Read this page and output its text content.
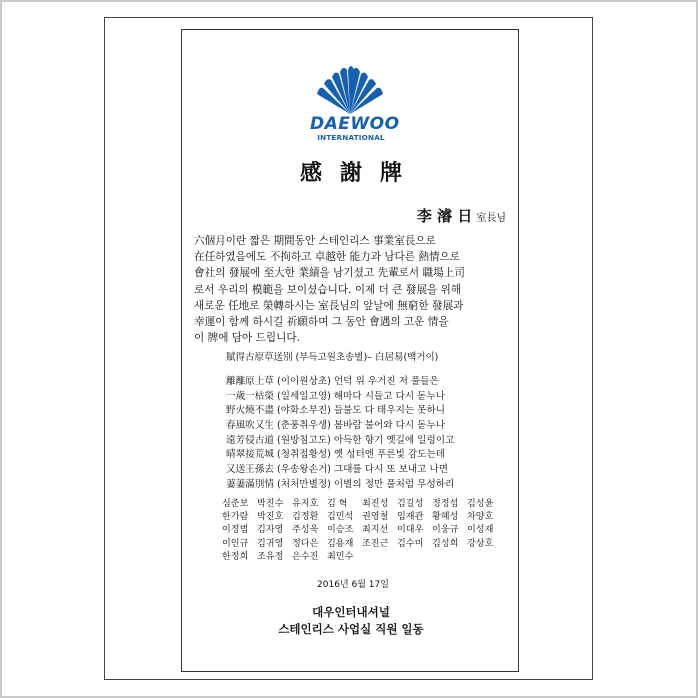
DAEWOO
INTERNATIONAL
感謝牌
李 濬 日 室長님
六個月이란 짧은 期間동안 스테인리스 事業室長으로
在任하였음에도 不拘하고 卓越한 能力과 남다른 熱情으로
會社의 發展에 至大한 業績을 남기셨고 先輩로서 職場上司
로서 우리의 模範을 보이셨습니다. 이제 더 큰 發展을 위해
새로운 任地로 榮轉하시는 室長님의 앞날에 無窮한 發展과
幸運이 함께 하시길 祈願하며 그 동안 會遇의 고운 情을
이 牌에 담아 드립니다.
賦得古原草送別 (부득고원초송별)– 白居易(백거이)
離離原上草 (이이원상초) 언덕 위 우거진 저 풀들은
一歲一枯榮 (일세일고영) 해마다 시들고 다시 돋누나
野火燒不盡 (야화소부진) 들불도 다 태우지는 못하니
春風吹又生 (춘풍취우생) 봄바람 불어와 다시 돋누나
遠芳侵古道 (원방침고도) 아득한 향기 옛길에 일렁이고
晴翠接荒城 (청취접황성) 옛 성터엔 푸른빛 감도는데
又送王孫去 (우송왕손거) 그대를 다시 또 보내고 나면
萋萋滿別情 (처처만별정) 이별의 정만 풀처럼 무성하리
심준보 박진수 유지호 김 혁	최진성 김길성 정정섭 김성윤
한가람 박진호 김정환 김민석 권영철 임재관 황혜성 차양호
이정범 김자영 주성욱 이승조 최지선 이대우 이웅규 이성재
이인규 김귀영 정다은 김용재 조진근 김수미 김성희 강상호
한정희 조유정 은수진 최민수
2016년 6월 17일
대우인터내셔널
스테인리스 사업실 직원 일동
